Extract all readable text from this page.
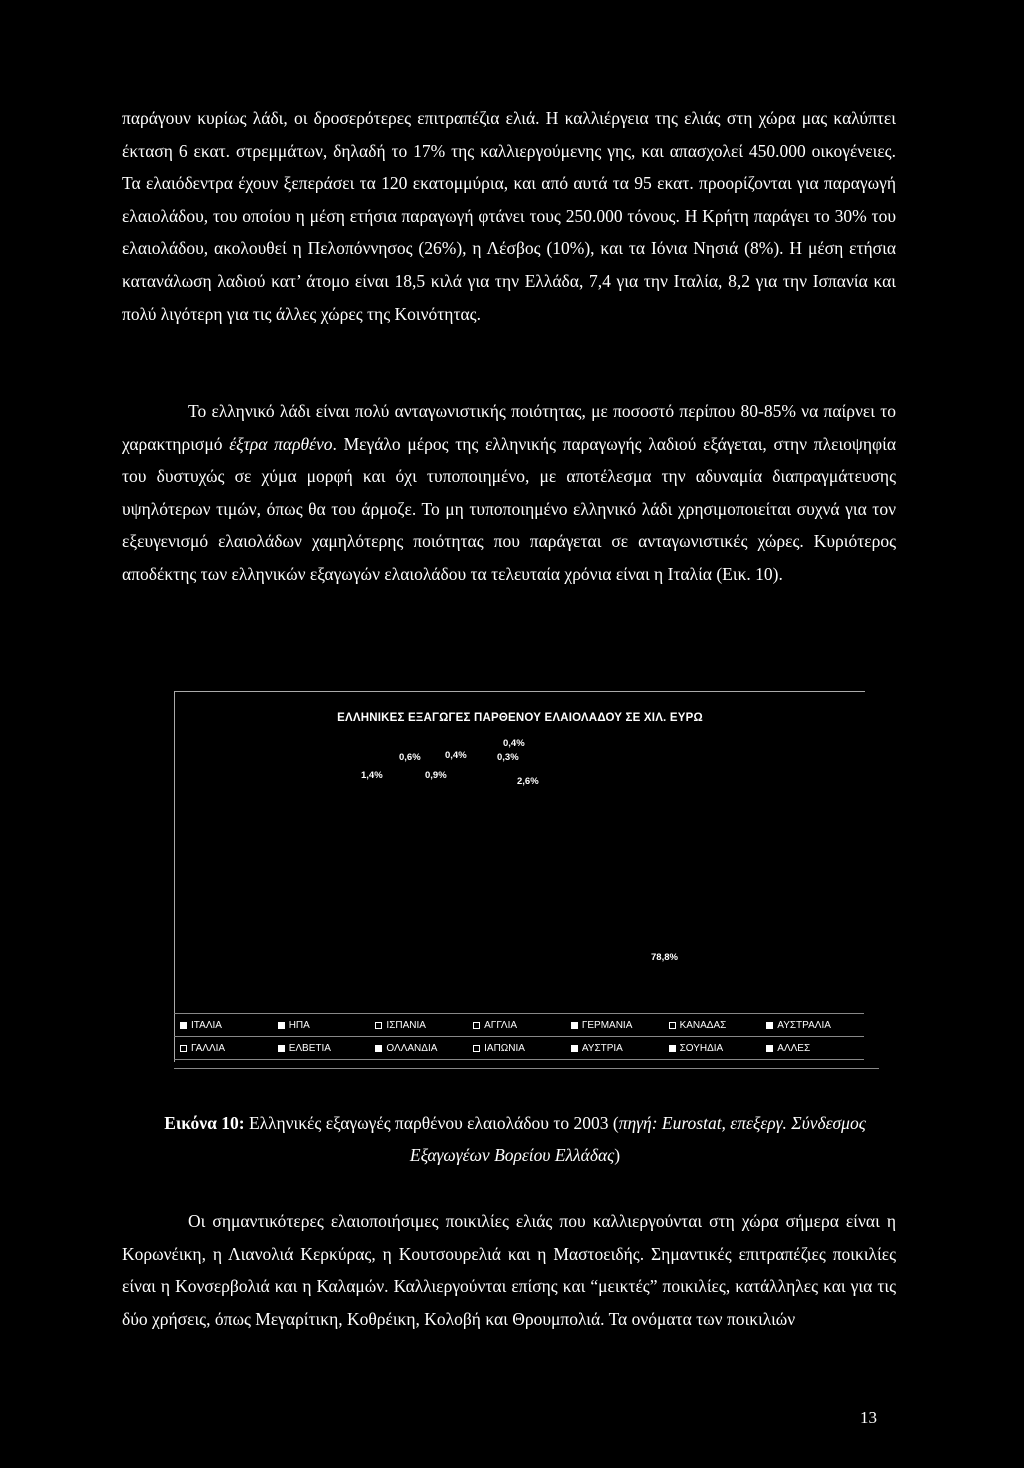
παράγουν κυρίως λάδι, οι δροσερότερες επιτραπέζια ελιά. Η καλλιέργεια της ελιάς στη χώρα μας καλύπτει έκταση 6 εκατ. στρεμμάτων, δηλαδή το 17% της καλλιεργούμενης γης, και απασχολεί 450.000 οικογένειες. Τα ελαιόδεντρα έχουν ξεπεράσει τα 120 εκατομμύρια, και από αυτά τα 95 εκατ. προορίζονται για παραγωγή ελαιολάδου, του οποίου η μέση ετήσια παραγωγή φτάνει τους 250.000 τόνους. Η Κρήτη παράγει το 30% του ελαιολάδου, ακολουθεί η Πελοπόννησος (26%), η Λέσβος (10%), και τα Ιόνια Νησιά (8%). Η μέση ετήσια κατανάλωση λαδιού κατ’ άτομο είναι 18,5 κιλά για την Ελλάδα, 7,4 για την Ιταλία, 8,2 για την Ισπανία και πολύ λιγότερη για τις άλλες χώρες της Κοινότητας.

Το ελληνικό λάδι είναι πολύ ανταγωνιστικής ποιότητας, με ποσοστό περίπου 80-85% να παίρνει το χαρακτηρισμό έξτρα παρθένο. Μεγάλο μέρος της ελληνικής παραγωγής λαδιού εξάγεται, στην πλειοψηφία του δυστυχώς σε χύμα μορφή και όχι τυποποιημένο, με αποτέλεσμα την αδυναμία διαπραγμάτευσης υψηλότερων τιμών, όπως θα του άρμοζε. Το μη τυποποιημένο ελληνικό λάδι χρησιμοποιείται συχνά για τον εξευγενισμό ελαιολάδων χαμηλότερης ποιότητας που παράγεται σε ανταγωνιστικές χώρες. Κυριότερος αποδέκτης των ελληνικών εξαγωγών ελαιολάδου τα τελευταία χρόνια είναι η Ιταλία (Εικ. 10).

ΕΛΛΗΝΙΚΕΣ ΕΞΑΓΩΓΕΣ ΠΑΡΘΕΝΟΥ ΕΛΑΙΟΛΑΔΟΥ ΣΕ ΧΙΛ. ΕΥΡΩ
0,4%
0,6%	0,4%	0,3%
1,4%	0,9%
2,6%
78,8%
ΙΤΑΛΙΑ	ΗΠΑ	ΙΣΠΑΝΙΑ	ΑΓΓΛΙΑ	ΓΕΡΜΑΝΙΑ	ΚΑΝΑΔΑΣ	ΑΥΣΤΡΑΛΙΑ
ΓΑΛΛΙΑ	ΕΛΒΕΤΙΑ	ΟΛΛΑΝΔΙΑ	ΙΑΠΩΝΙΑ	ΑΥΣΤΡΙΑ	ΣΟΥΗΔΙΑ	ΑΛΛΕΣ
Εικόνα 10: Ελληνικές εξαγωγές παρθένου ελαιολάδου το 2003 (πηγή: Eurostat, επεξεργ. Σύνδεσμος Εξαγωγέων Βορείου Ελλάδας)

Οι σημαντικότερες ελαιοποιήσιμες ποικιλίες ελιάς που καλλιεργούνται στη χώρα σήμερα είναι η Κορωνέικη, η Λιανολιά Κερκύρας, η Κουτσουρελιά και η Μαστοειδής. Σημαντικές επιτραπέζιες ποικιλίες είναι η Κονσερβολιά και η Καλαμών. Καλλιεργούνται επίσης και “μεικτές” ποικιλίες, κατάλληλες και για τις δύο χρήσεις, όπως Μεγαρίτικη, Κοθρέικη, Κολοβή και Θρουμπολιά. Τα ονόματα των ποικιλιών

13
